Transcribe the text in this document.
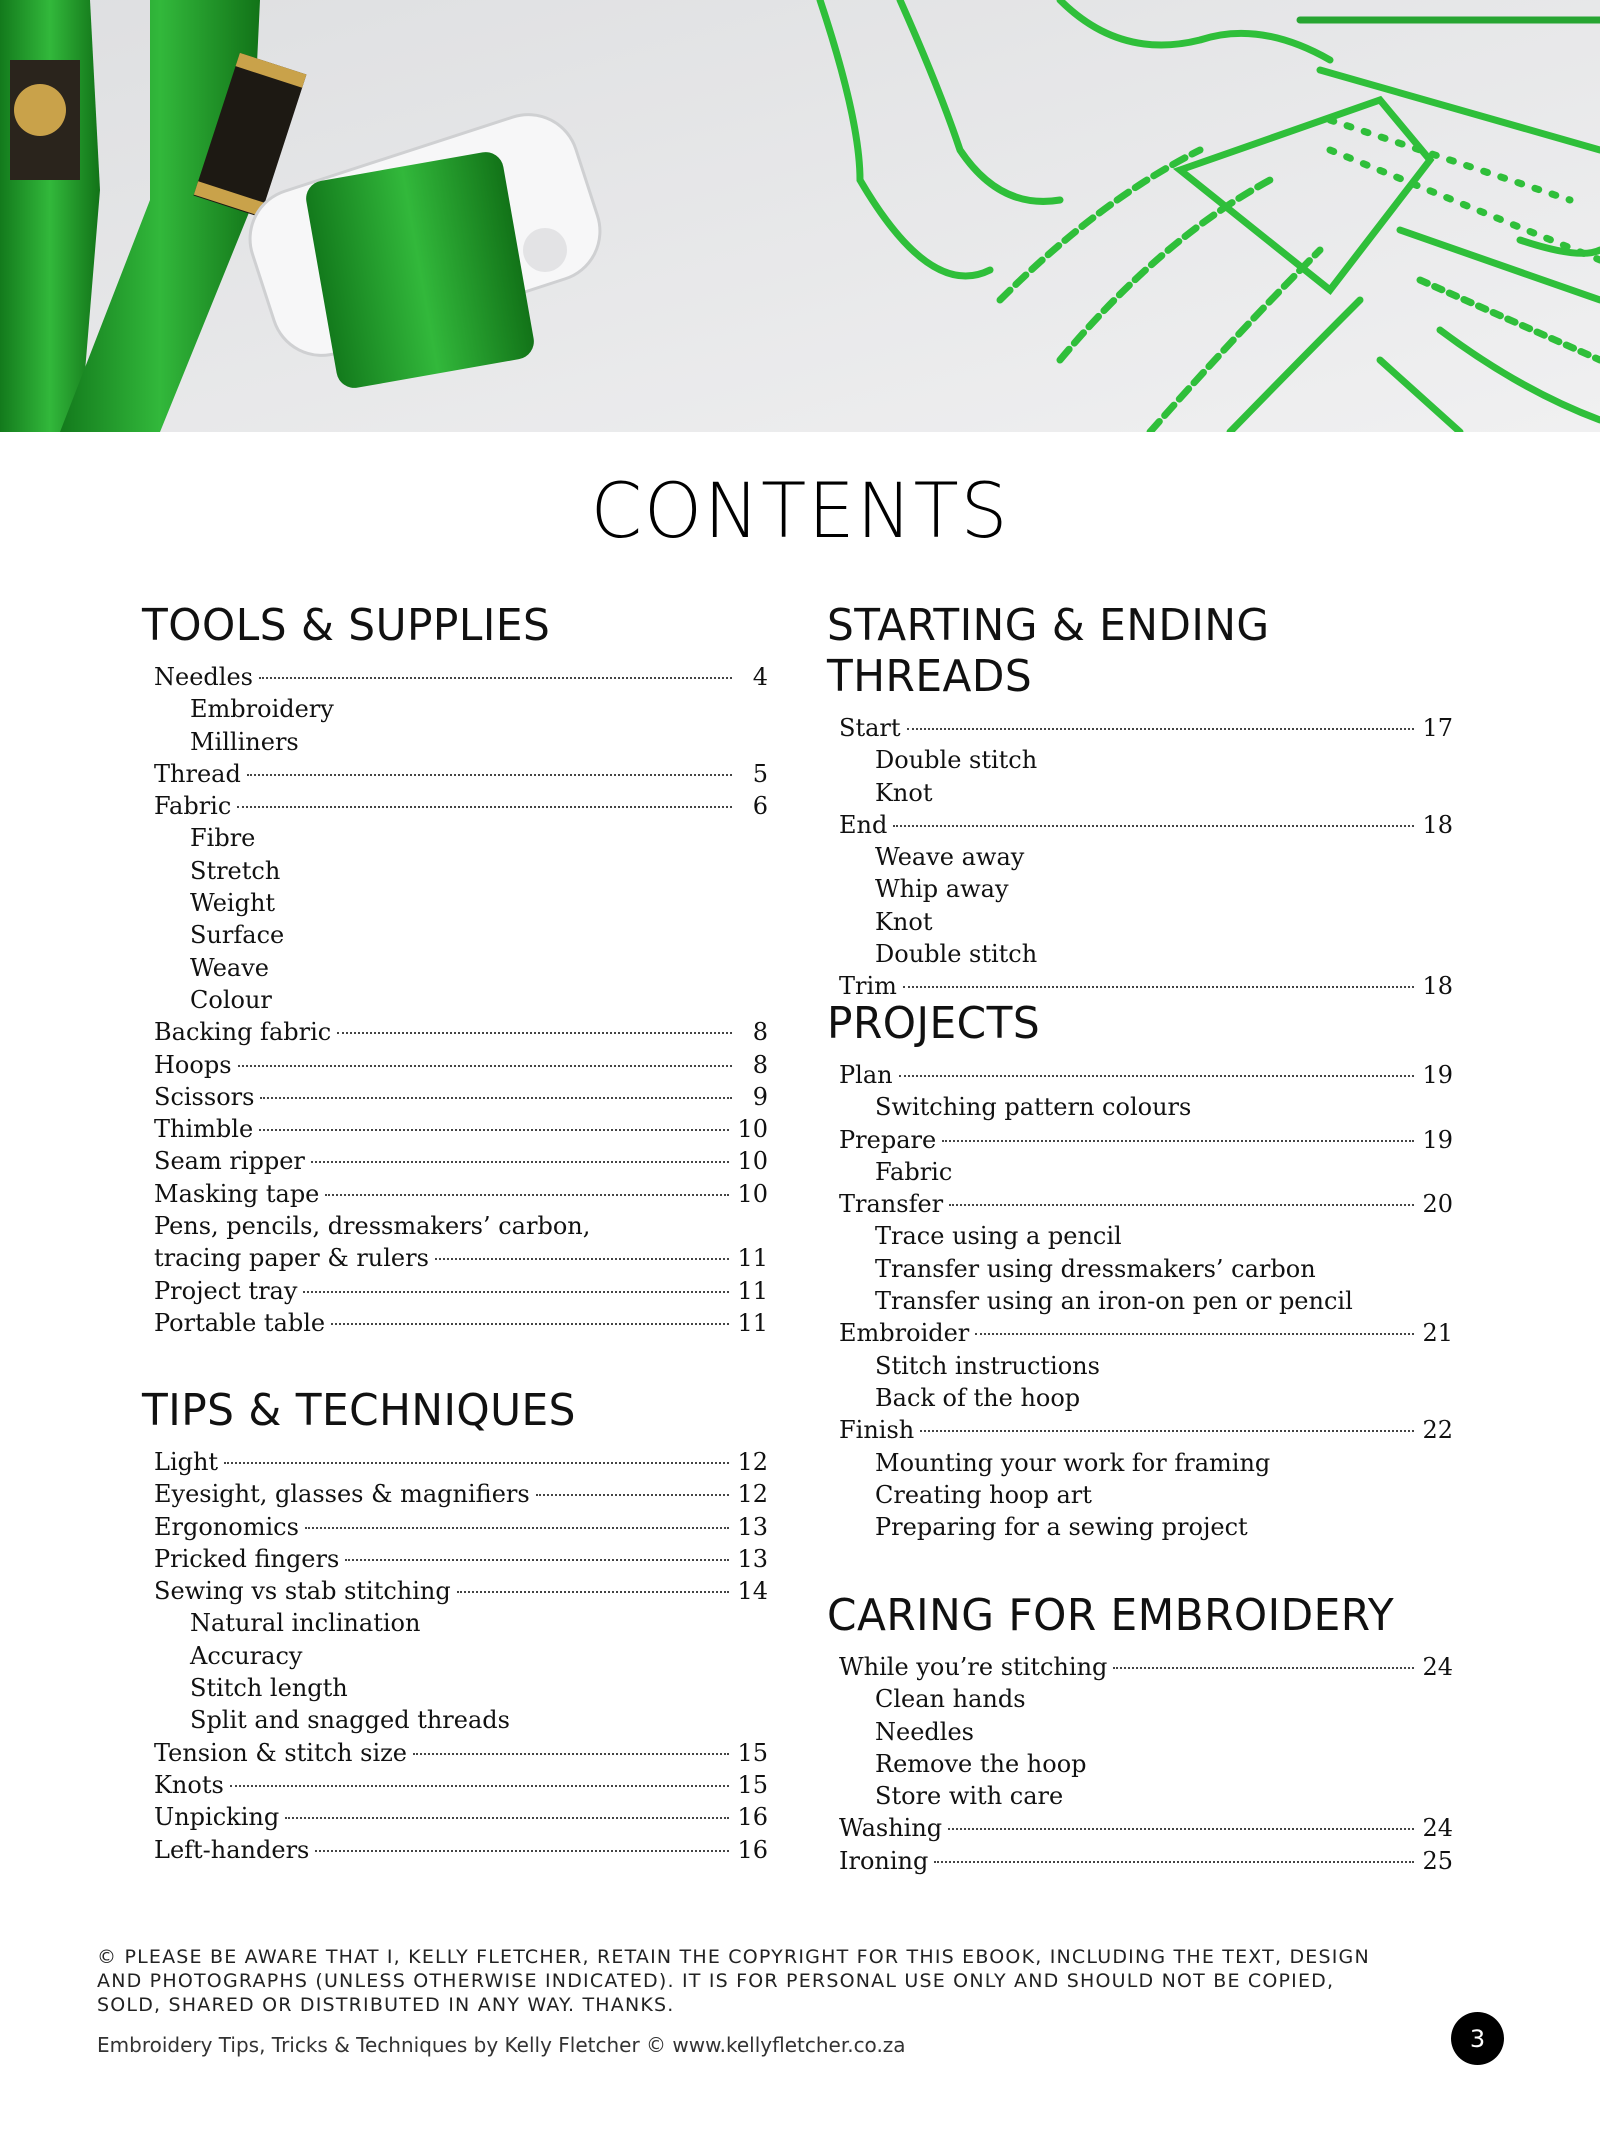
CONTENTS
TOOLS & SUPPLIES
Needles	4
Embroidery
Milliners
Thread	5
Fabric	6
Fibre
Stretch
Weight
Surface
Weave
Colour
Backing fabric	8
Hoops	8
Scissors	9
Thimble	10
Seam ripper	10
Masking tape	10
Pens, pencils, dressmakers’ carbon,
tracing paper & rulers	11
Project tray	11
Portable table	11
TIPS & TECHNIQUES
Light	12
Eyesight, glasses & magnifiers	12
Ergonomics	13
Pricked fingers	13
Sewing vs stab stitching	14
Natural inclination
Accuracy
Stitch length
Split and snagged threads
Tension & stitch size	15
Knots	15
Unpicking	16
Left-handers	16
STARTING & ENDING THREADS
Start	17
Double stitch
Knot
End	18
Weave away
Whip away
Knot
Double stitch
Trim	18
PROJECTS
Plan	19
Switching pattern colours
Prepare	19
Fabric
Transfer	20
Trace using a pencil
Transfer using dressmakers’ carbon
Transfer using an iron-on pen or pencil
Embroider	21
Stitch instructions
Back of the hoop
Finish	22
Mounting your work for framing
Creating hoop art
Preparing for a sewing project
CARING FOR EMBROIDERY
While you’re stitching	24
Clean hands
Needles
Remove the hoop
Store with care
Washing	24
Ironing	25

© PLEASE BE AWARE THAT I, KELLY FLETCHER, RETAIN THE COPYRIGHT FOR THIS EBOOK, INCLUDING THE TEXT, DESIGN AND PHOTOGRAPHS (UNLESS OTHERWISE INDICATED). IT IS FOR PERSONAL USE ONLY AND SHOULD NOT BE COPIED, SOLD, SHARED OR DISTRIBUTED IN ANY WAY. THANKS.

Embroidery Tips, Tricks & Techniques by Kelly Fletcher © www.kellyfletcher.co.za	3
